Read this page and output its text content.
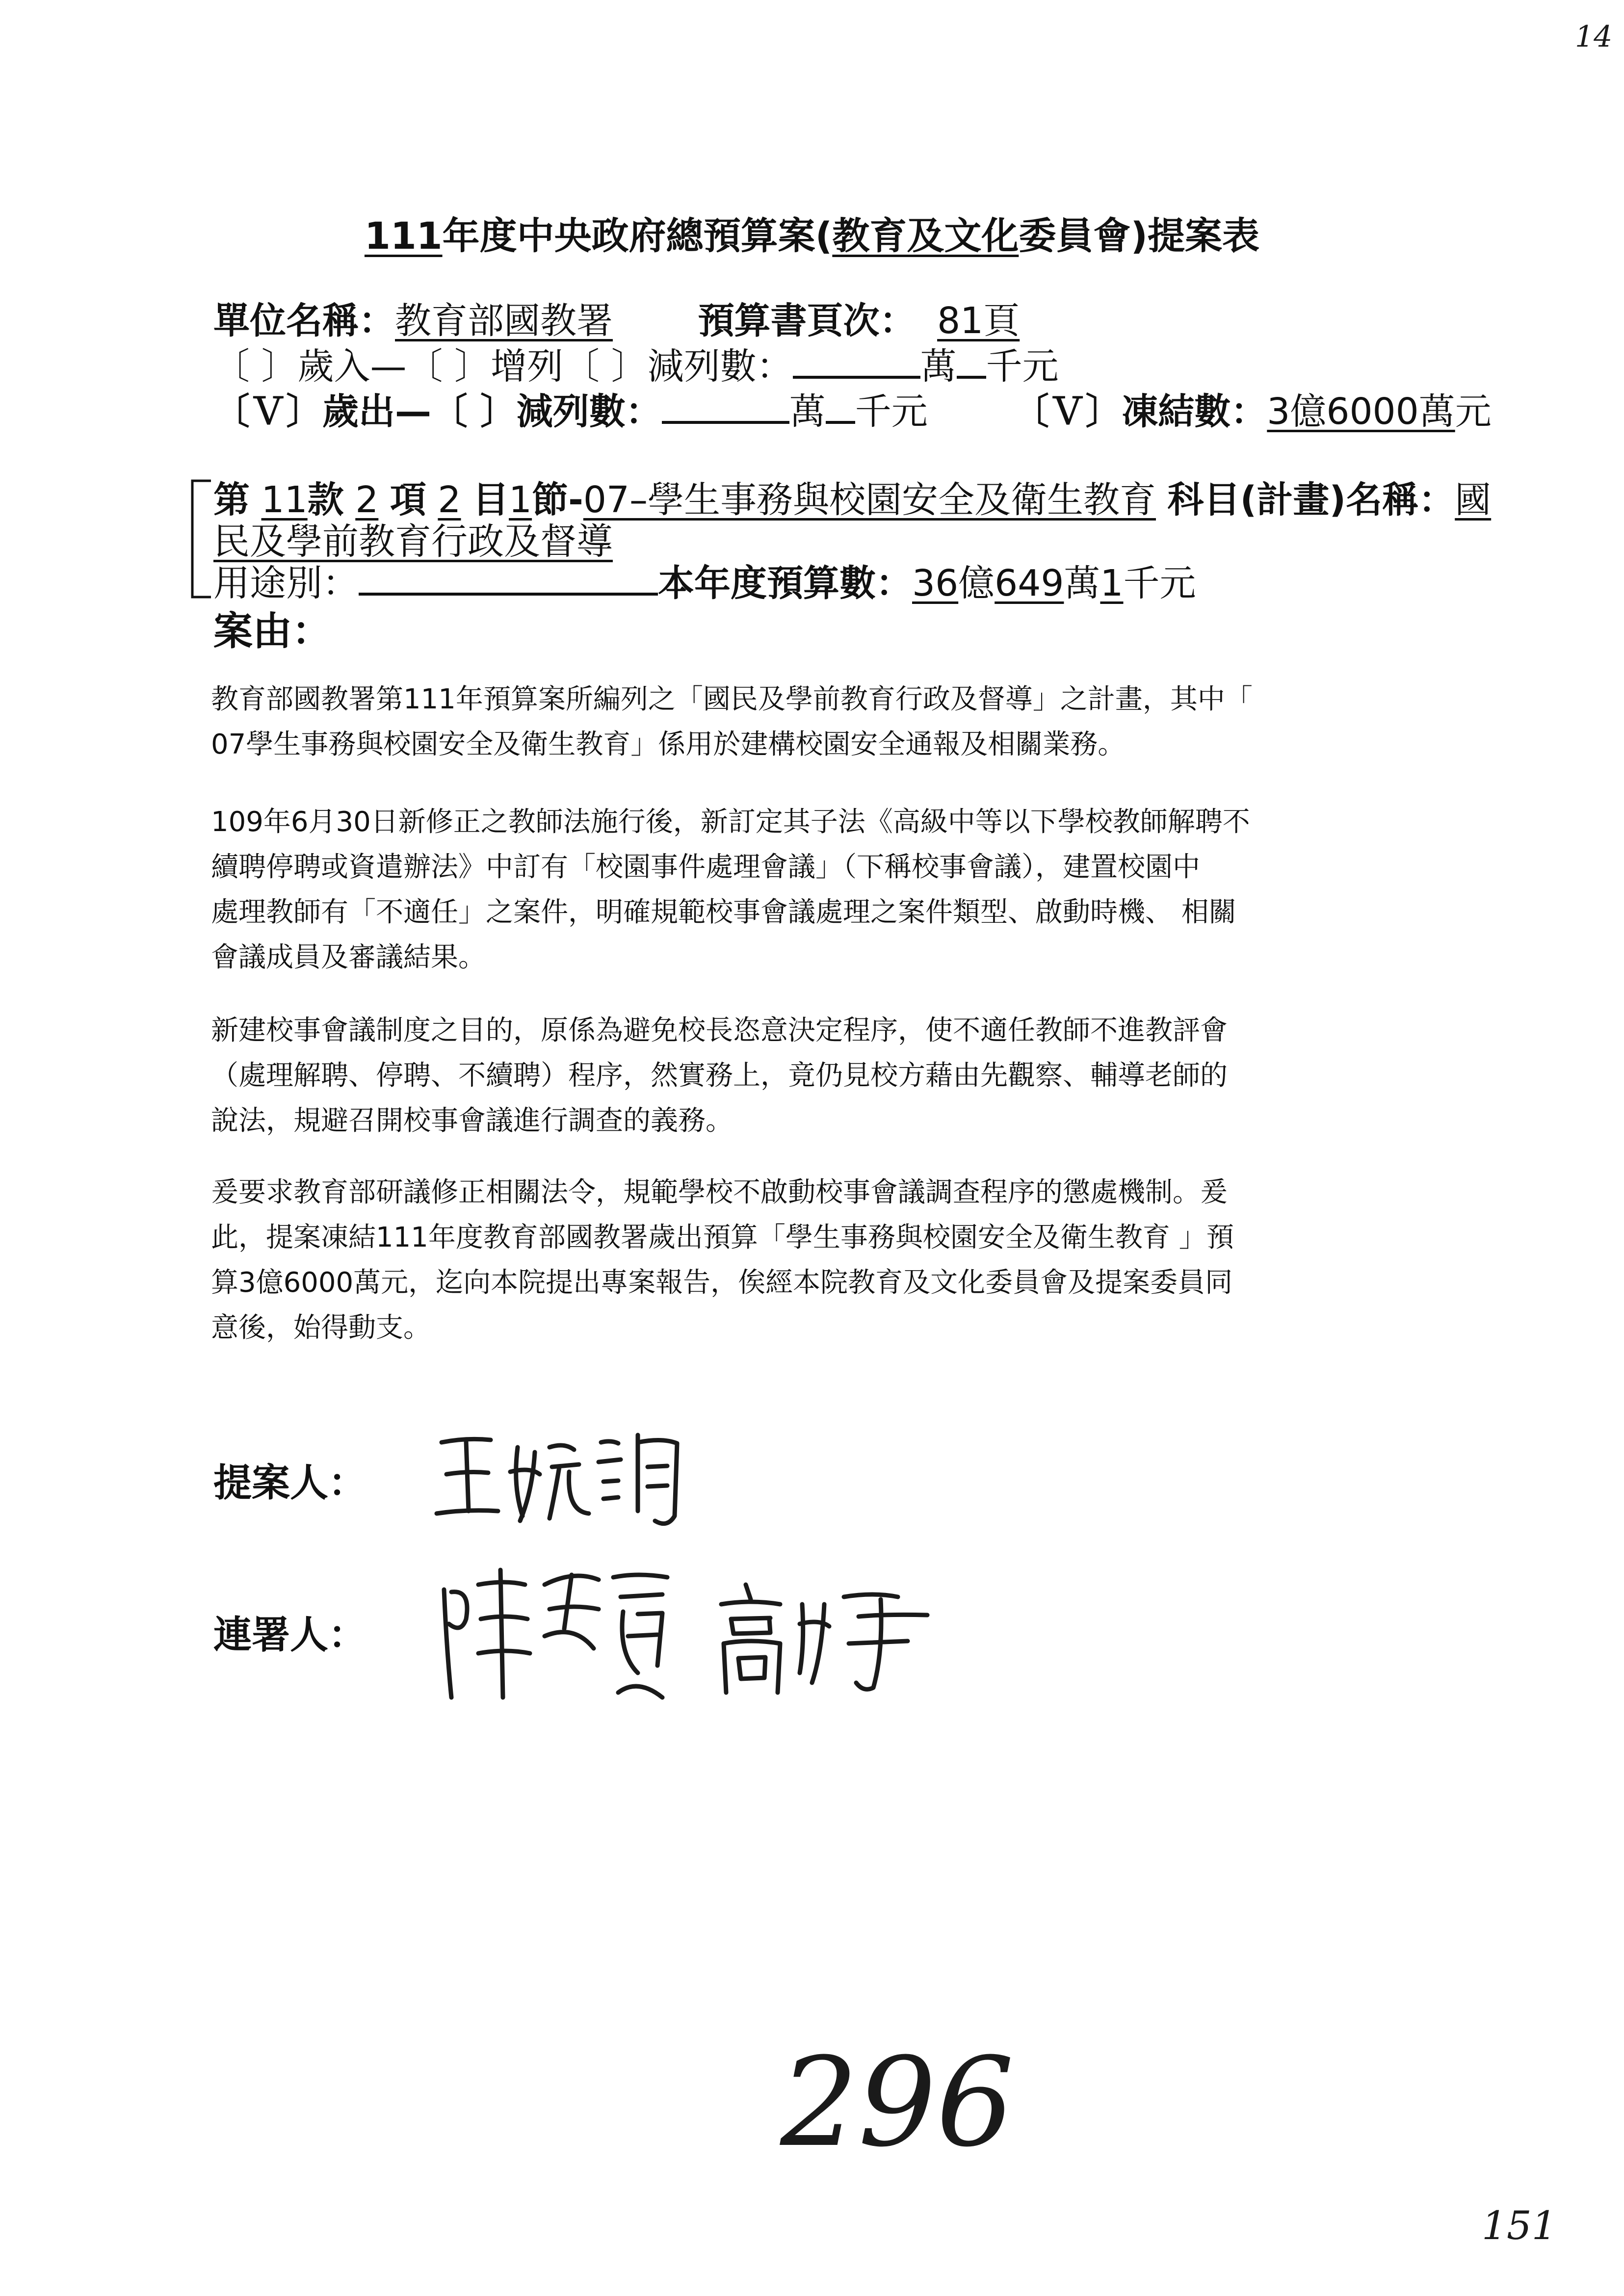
14
111年度中央政府總預算案(教育及文化委員會)提案表
單位名稱：教育部國教署 預算書頁次： 81頁
〔 〕歲入—〔 〕增列〔 〕減列數：	萬 千元
〔Ｖ〕歲出—〔 〕減列數：	萬 千元 〔Ｖ〕凍結數：3億6000萬元
第 11款 2 項 2 目1節-07–學生事務與校園安全及衛生教育 科目(計畫)名稱：國
民及學前教育行政及督導
用途別：	本年度預算數：36億649萬1千元
案由：
教育部國教署第111年預算案所編列之「國民及學前教育行政及督導」之計畫，其中「
07學生事務與校園安全及衛生教育」係用於建構校園安全通報及相關業務。
109年6月30日新修正之教師法施行後，新訂定其子法《高級中等以下學校教師解聘不
續聘停聘或資遣辦法》中訂有「校園事件處理會議」（下稱校事會議），建置校園中
處理教師有「不適任」之案件，明確規範校事會議處理之案件類型、啟動時機、 相關
會議成員及審議結果。
新建校事會議制度之目的，原係為避免校長恣意決定程序，使不適任教師不進教評會
（處理解聘、停聘、不續聘）程序，然實務上，竟仍見校方藉由先觀察、輔導老師的
說法，規避召開校事會議進行調查的義務。
爰要求教育部研議修正相關法令，規範學校不啟動校事會議調查程序的懲處機制。爰
此，提案凍結111年度教育部國教署歲出預算「學生事務與校園安全及衛生教育 」預
算3億6000萬元，迄向本院提出專案報告，俟經本院教育及文化委員會及提案委員同
意後，始得動支。
提案人：
連署人：
296
151
